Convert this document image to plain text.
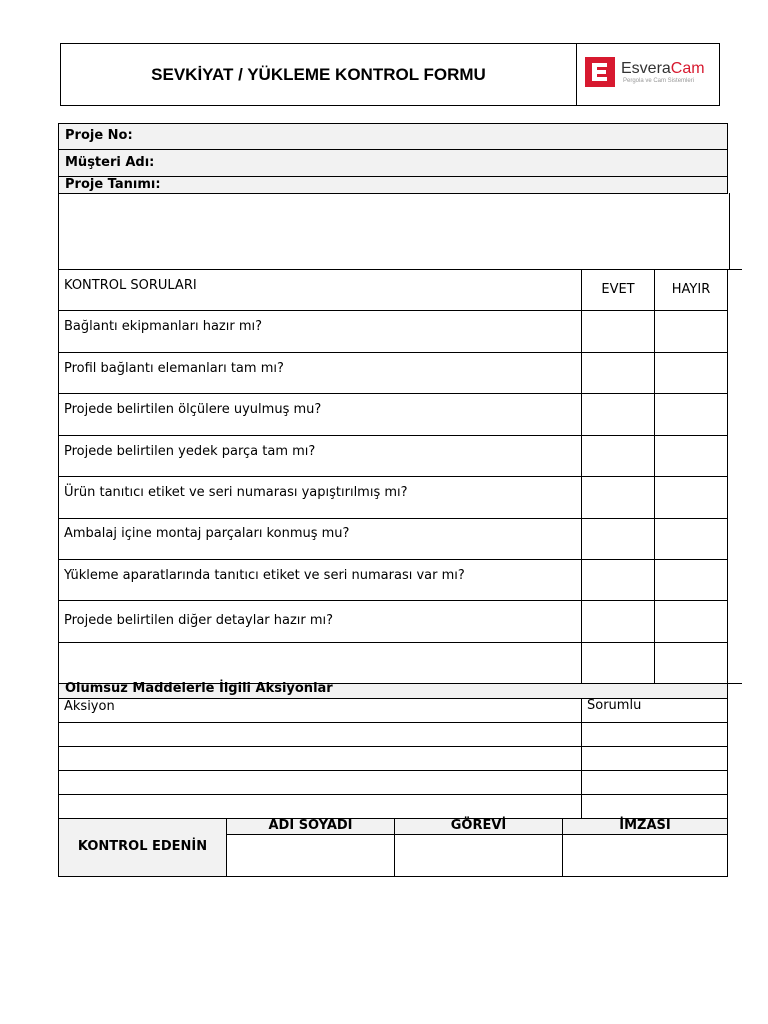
SEVKİYAT / YÜKLEME KONTROL FORMU	EsveraCam
Pergola ve Cam Sistemleri
Proje No:
Müşteri Adı:
Proje Tanımı:
KONTROL SORULARI	EVET	HAYIR
Bağlantı ekipmanları hazır mı?
Profil bağlantı elemanları tam mı?
Projede belirtilen ölçülere uyulmuş mu?
Projede belirtilen yedek parça tam mı?
Ürün tanıtıcı etiket ve seri numarası yapıştırılmış mı?
Ambalaj içine montaj parçaları konmuş mu?
Yükleme aparatlarında tanıtıcı etiket ve seri numarası var mı?
Projede belirtilen diğer detaylar hazır mı?
Olumsuz Maddelerle İlgili Aksiyonlar
Aksiyon	Sorumlu
KONTROL EDENİN
ADI SOYADI	GÖREVİ	İMZASI
